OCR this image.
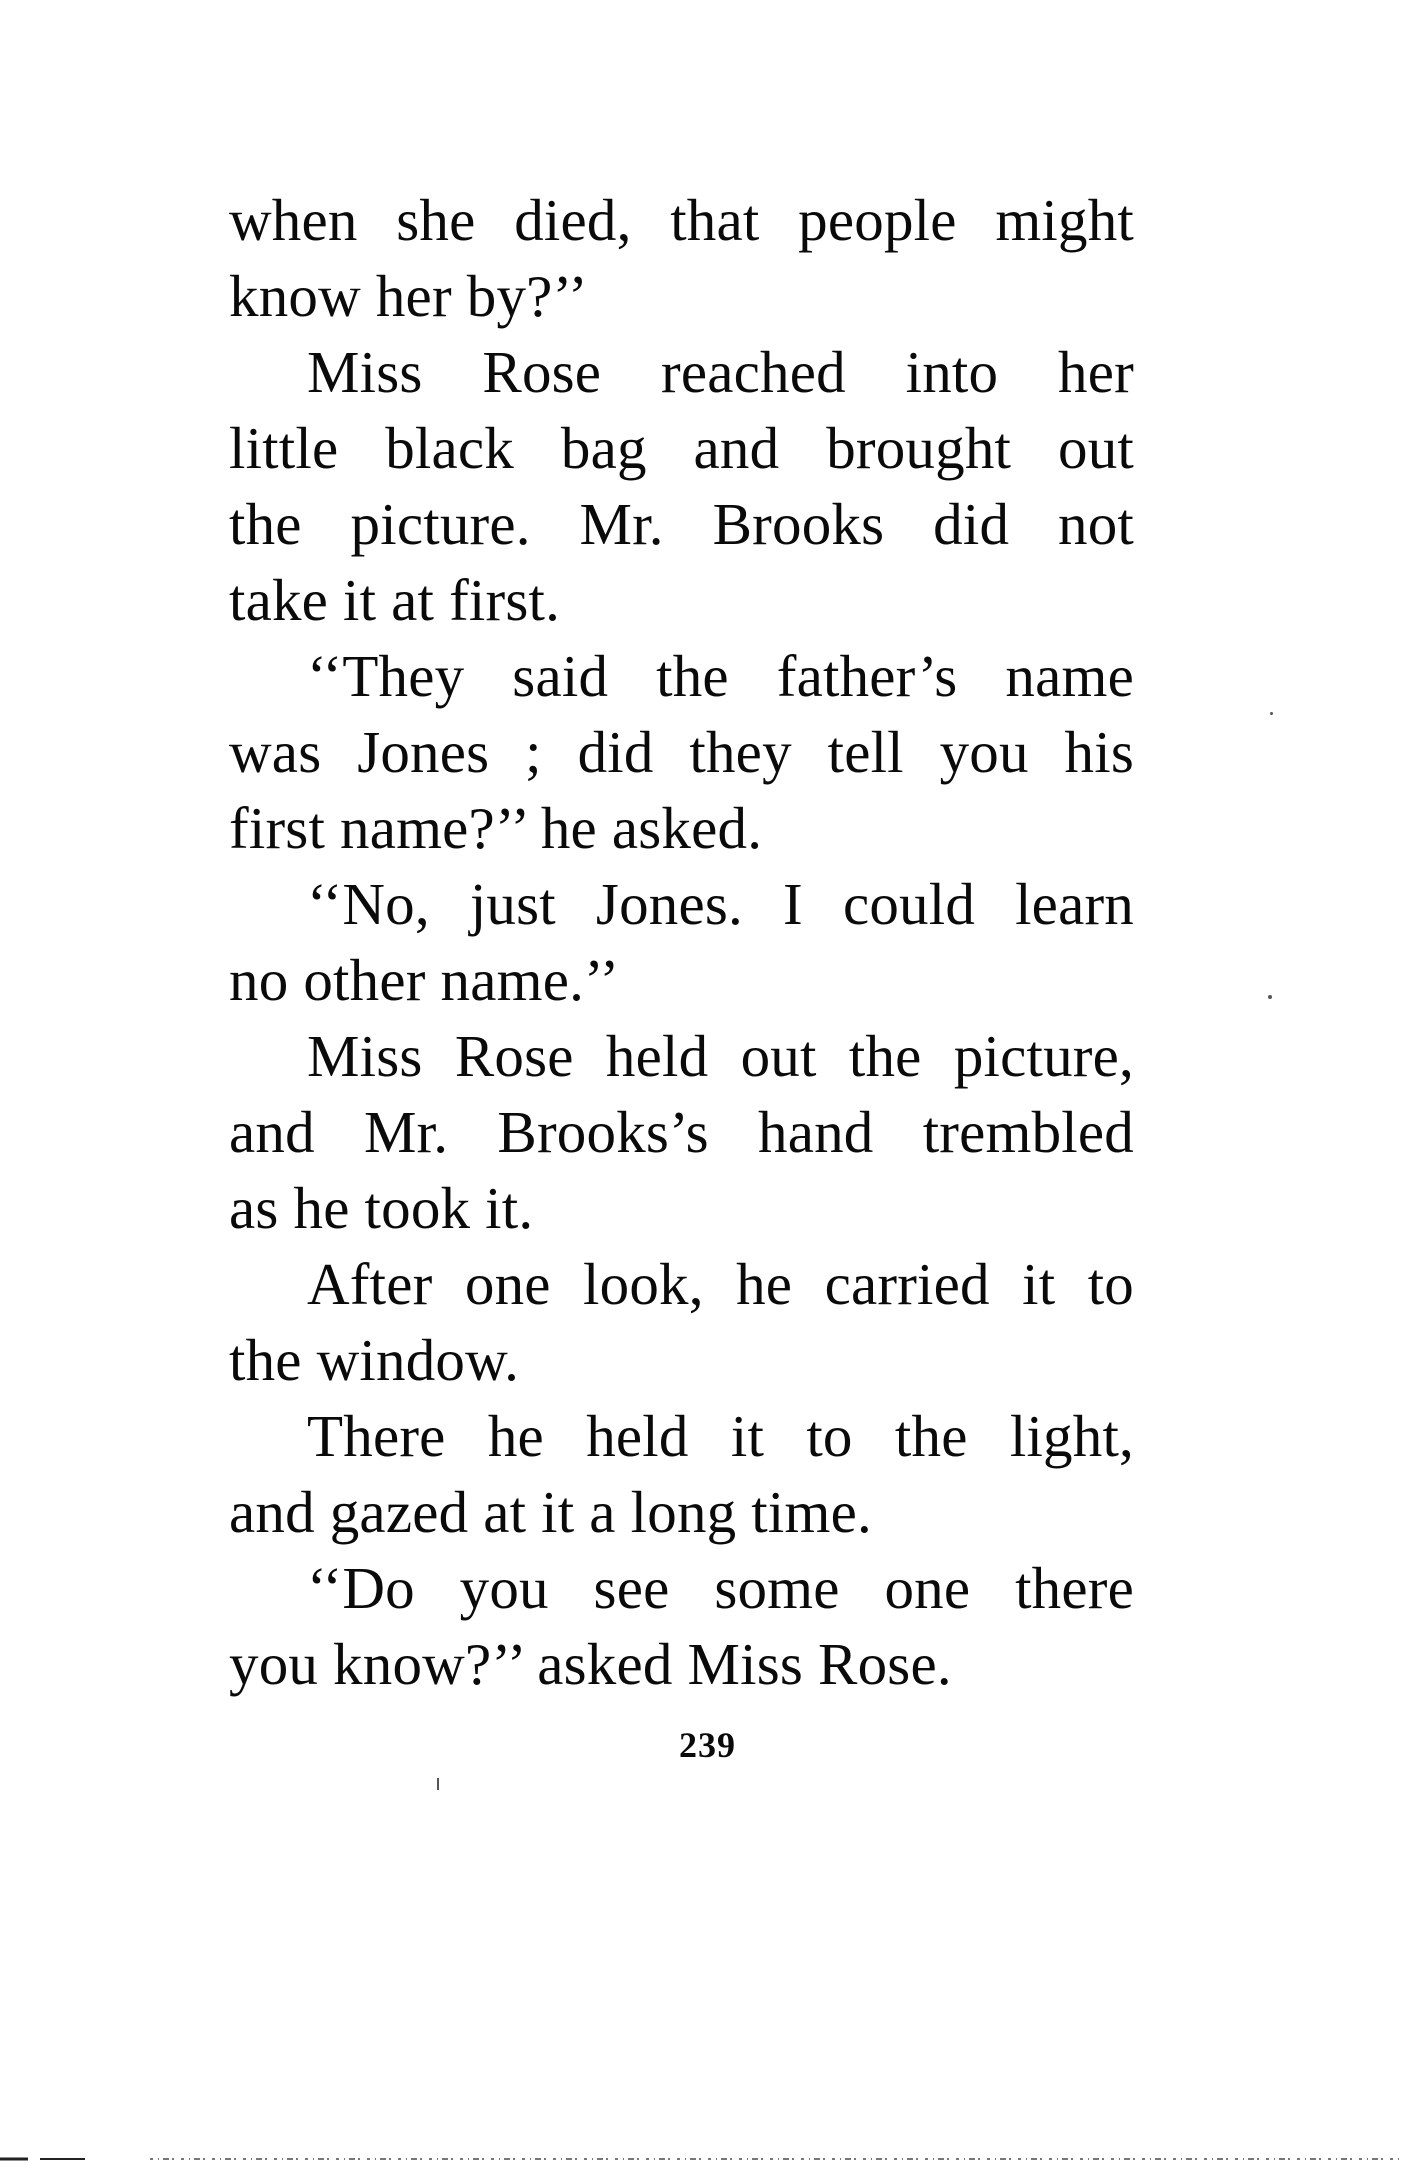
when she died, that people might
know her by?’’
Miss Rose reached into her
little black bag and brought out
the picture. Mr. Brooks did not
take it at first.
‘‘They said the father’s name
was Jones ; did they tell you his
first name?’’ he asked.
‘‘No, just Jones. I could learn
no other name.’’
Miss Rose held out the picture,
and Mr. Brooks’s hand trembled
as he took it.
After one look, he carried it to
the window.
There he held it to the light,
and gazed at it a long time.
‘‘Do you see some one there
you know?’’ asked Miss Rose.
239
